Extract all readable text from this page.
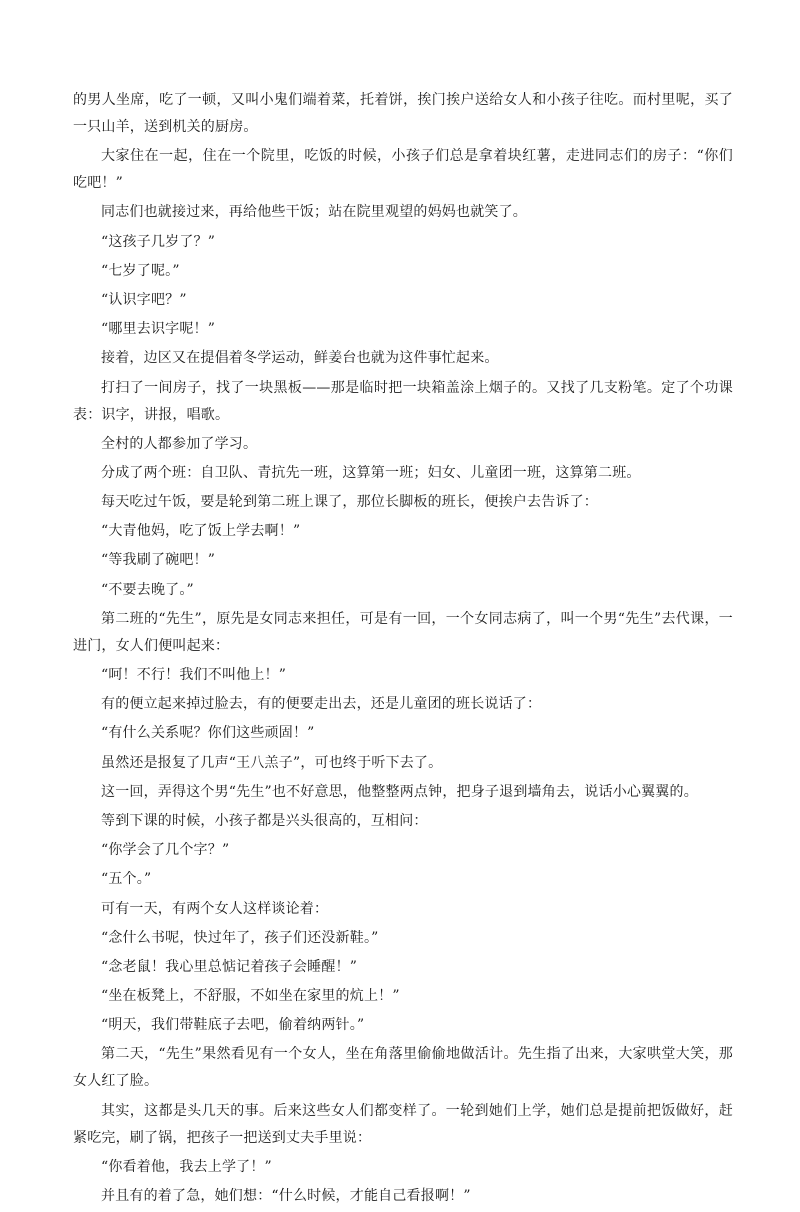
的男人坐席，吃了一顿，又叫小鬼们端着菜，托着饼，挨门挨户送给女人和小孩子往吃。而村里呢，买了一只山羊，送到机关的厨房。

大家住在一起，住在一个院里，吃饭的时候，小孩子们总是拿着块红薯，走进同志们的房子：“你们吃吧！”

同志们也就接过来，再给他些干饭；站在院里观望的妈妈也就笑了。

“这孩子几岁了？”

“七岁了呢。”

“认识字吧？”

“哪里去识字呢！”

接着，边区又在提倡着冬学运动，鲜姜台也就为这件事忙起来。

打扫了一间房子，找了一块黑板——那是临时把一块箱盖涂上烟子的。又找了几支粉笔。定了个功课表：识字，讲报，唱歌。

全村的人都参加了学习。

分成了两个班：自卫队、青抗先一班，这算第一班；妇女、儿童团一班，这算第二班。

每天吃过午饭，要是轮到第二班上课了，那位长脚板的班长，便挨户去告诉了：

“大青他妈，吃了饭上学去啊！”

“等我刷了碗吧！”

“不要去晚了。”

第二班的“先生”，原先是女同志来担任，可是有一回，一个女同志病了，叫一个男“先生”去代课，一进门，女人们便叫起来：

“呵！不行！我们不叫他上！”

有的便立起来掉过脸去，有的便要走出去，还是儿童团的班长说话了：

“有什么关系呢？你们这些顽固！”

虽然还是报复了几声“王八羔子”，可也终于听下去了。

这一回，弄得这个男“先生”也不好意思，他整整两点钟，把身子退到墙角去，说话小心翼翼的。

等到下课的时候，小孩子都是兴头很高的，互相问：

“你学会了几个字？”

“五个。”

可有一天，有两个女人这样谈论着：

“念什么书呢，快过年了，孩子们还没新鞋。”

“念老鼠！我心里总惦记着孩子会睡醒！”

“坐在板凳上，不舒服，不如坐在家里的炕上！”

“明天，我们带鞋底子去吧，偷着纳两针。”

第二天，“先生”果然看见有一个女人，坐在角落里偷偷地做活计。先生指了出来，大家哄堂大笑，那女人红了脸。

其实，这都是头几天的事。后来这些女人们都变样了。一轮到她们上学，她们总是提前把饭做好，赶紧吃完，刷了锅，把孩子一把送到丈夫手里说：

“你看着他，我去上学了！”

并且有的着了急，她们想：“什么时候，才能自己看报啊！”
